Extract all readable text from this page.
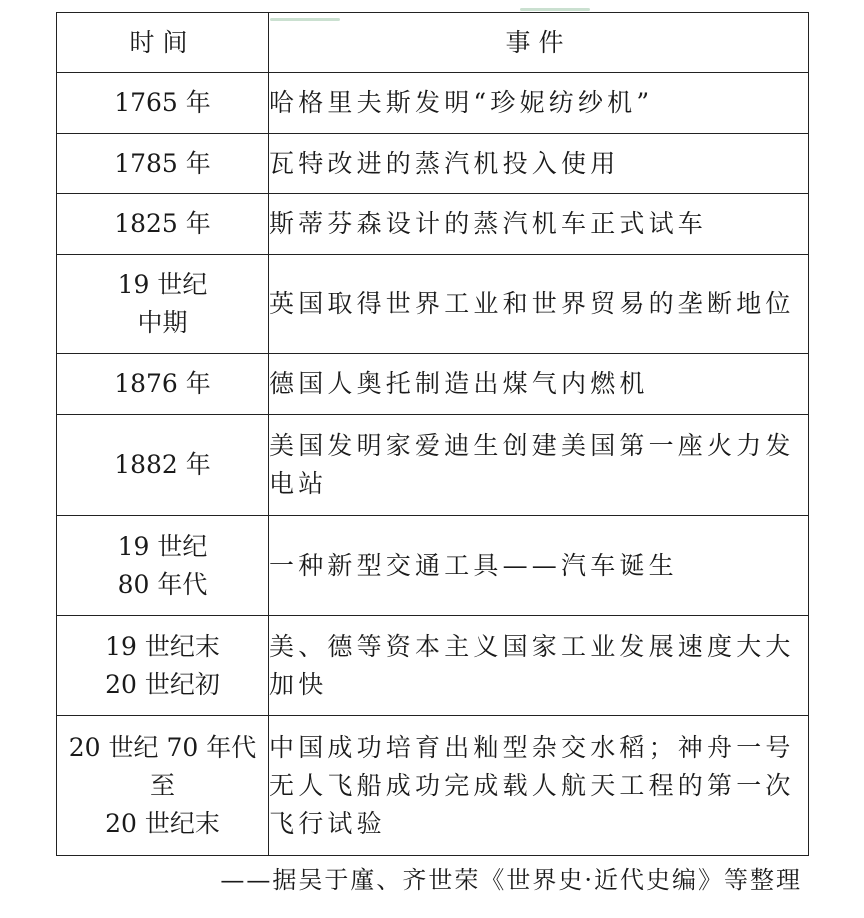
时间	事件
1765 年	哈格里夫斯发明“珍妮纺纱机”
1785 年	瓦特改进的蒸汽机投入使用
1825 年	斯蒂芬森设计的蒸汽机车正式试车
19 世纪
中期	英国取得世界工业和世界贸易的垄断地位
1876 年	德国人奥托制造出煤气内燃机
1882 年	美国发明家爱迪生创建美国第一座火力发电站
19 世纪
80 年代	一种新型交通工具——汽车诞生
19 世纪末
20 世纪初	美、德等资本主义国家工业发展速度大大加快
20 世纪 70 年代
至
20 世纪末	中国成功培育出籼型杂交水稻；神舟一号无人飞船成功完成载人航天工程的第一次飞行试验
——据吴于廑、齐世荣《世界史·近代史编》等整理
